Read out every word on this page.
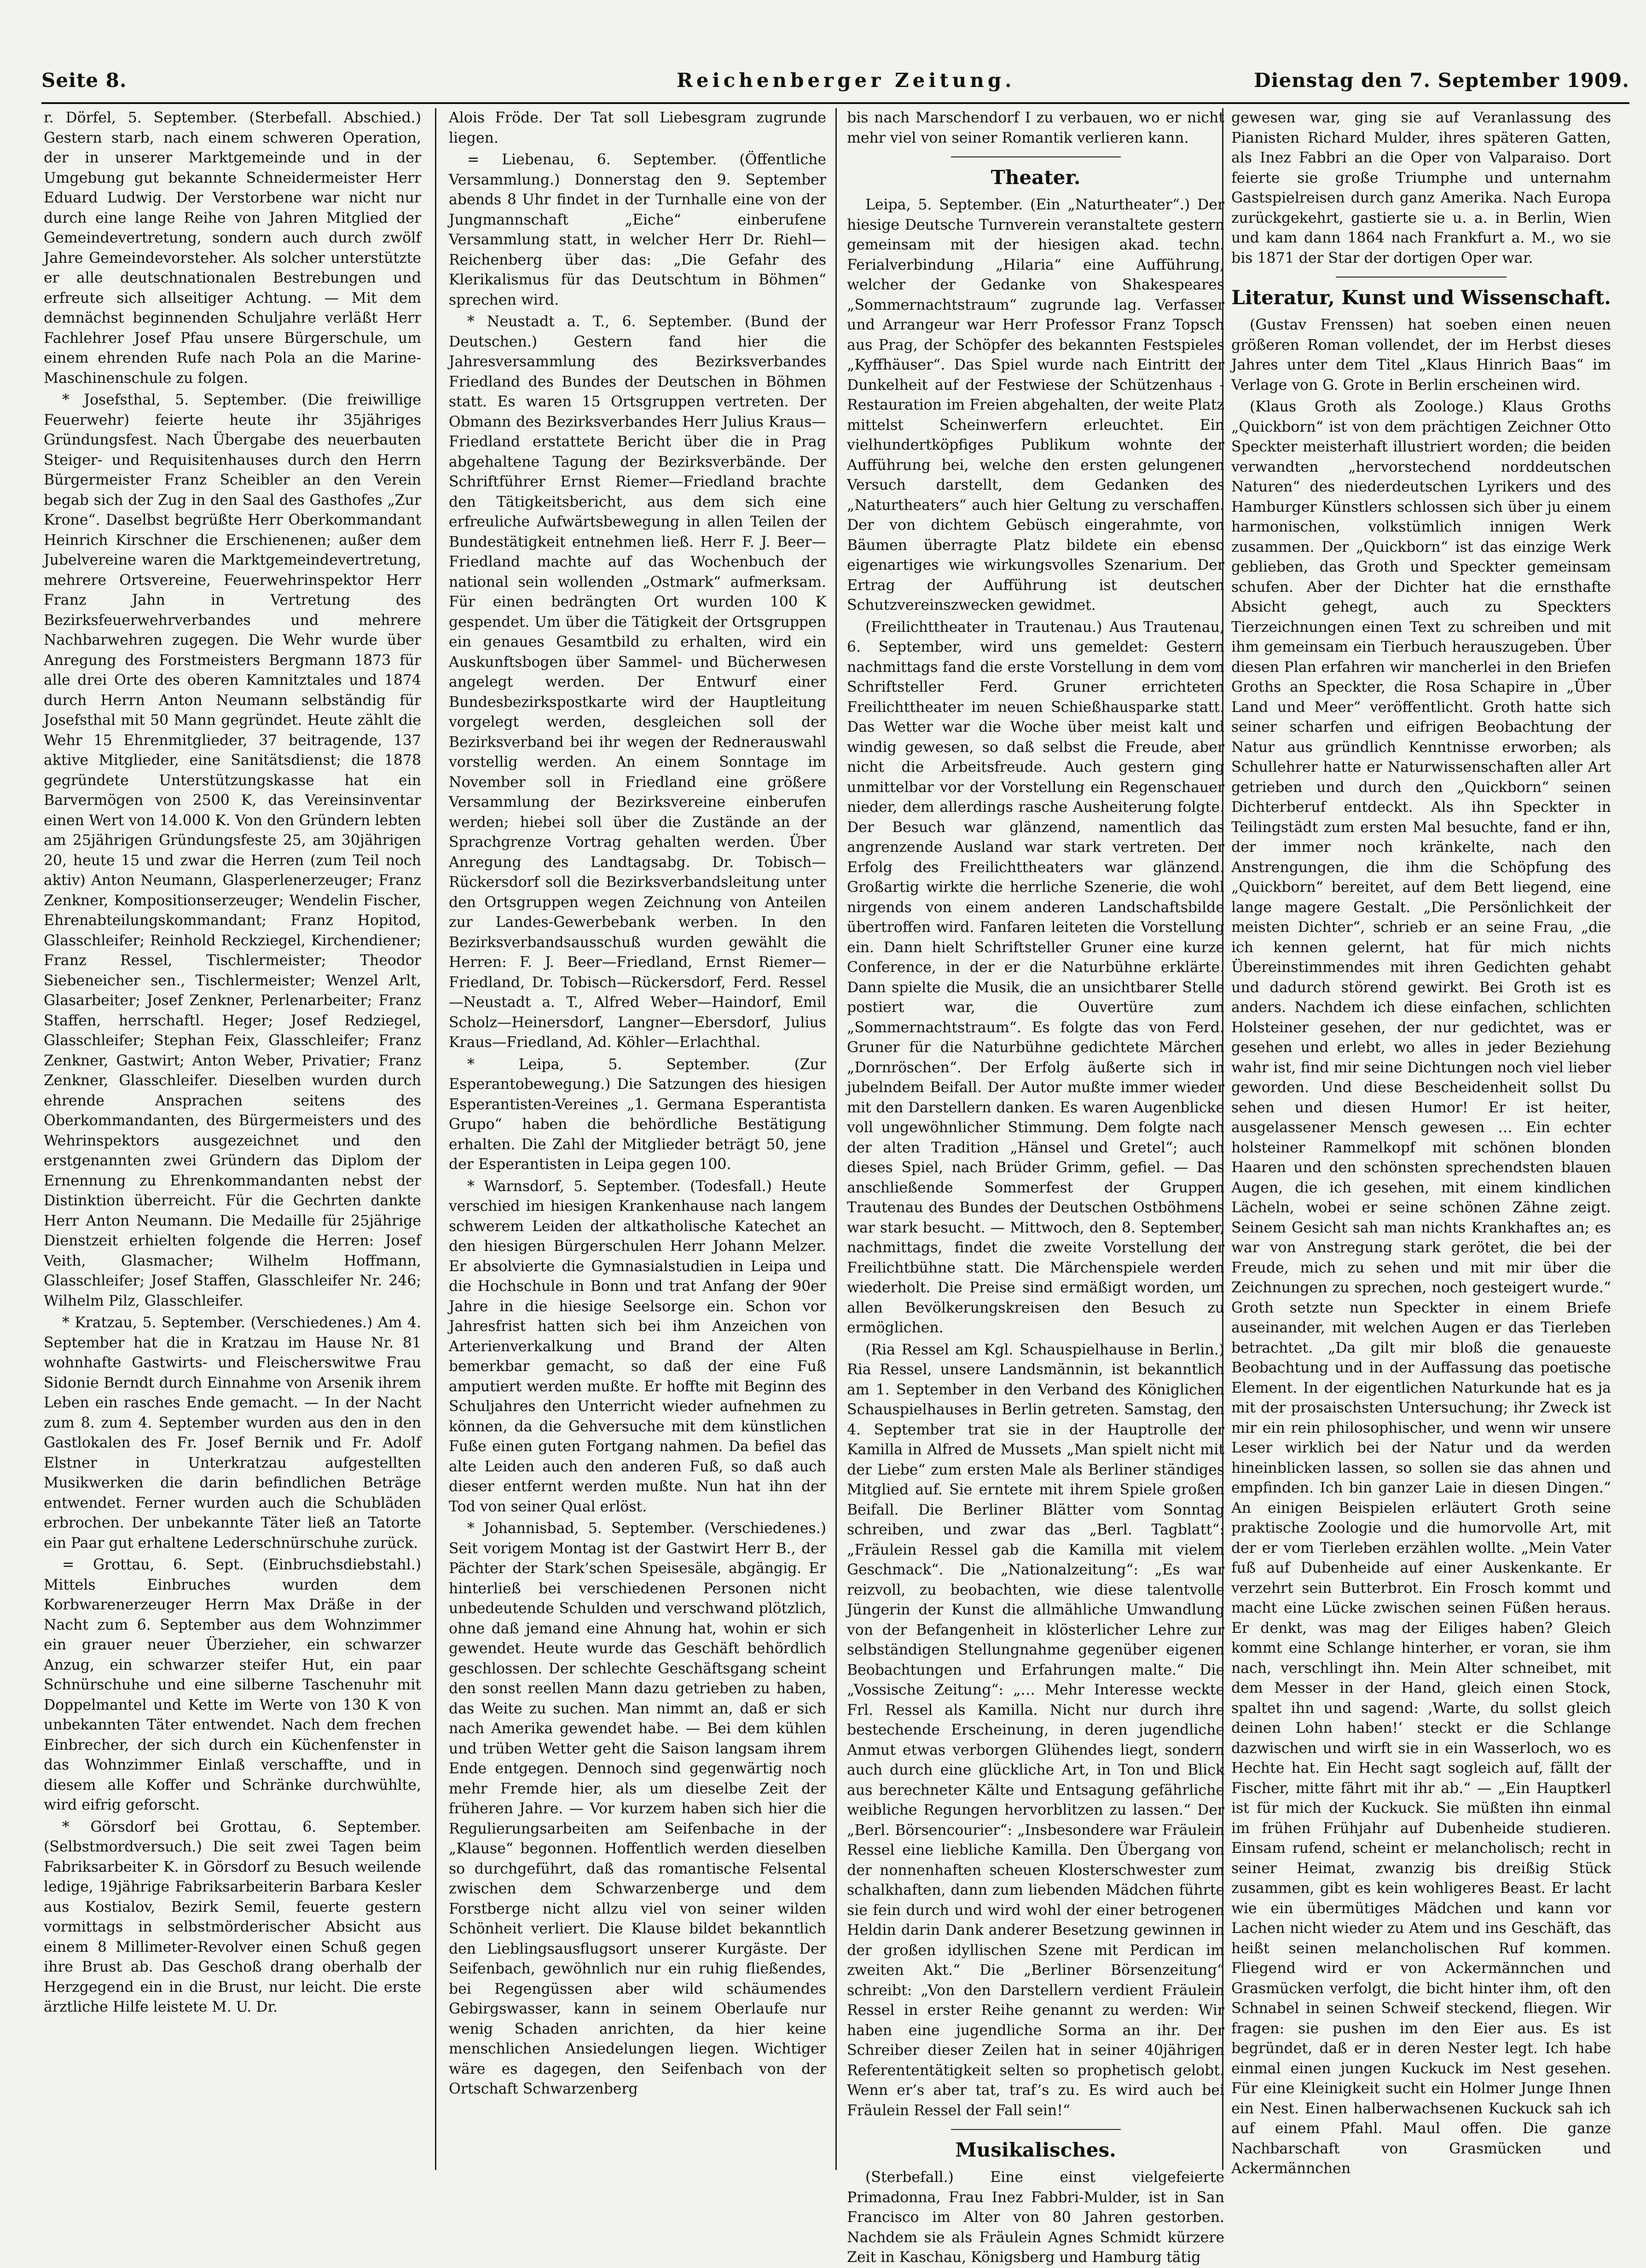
Seite 8.	Reichenberger Zeitung.	Dienstag den 7. September 1909.

r. Dörfel, 5. September. (Sterbefall. Abschied.) Gestern starb, nach einem schweren Operation, der in unserer Marktgemeinde und in der Umgebung gut bekannte Schneidermeister Herr Eduard Ludwig. Der Verstorbene war nicht nur durch eine lange Reihe von Jahren Mitglied der Gemeindevertretung, sondern auch durch zwölf Jahre Gemeindevorsteher. Als solcher unterstützte er alle deutschnationalen Bestrebungen und erfreute sich allseitiger Achtung. — Mit dem demnächst beginnenden Schuljahre verläßt Herr Fachlehrer Josef Pfau unsere Bürgerschule, um einem ehrenden Rufe nach Pola an die Marine-Maschinenschule zu folgen.

* Josefsthal, 5. September. (Die freiwillige Feuerwehr) feierte heute ihr 35jähriges Gründungsfest. Nach Übergabe des neuerbauten Steiger- und Requisitenhauses durch den Herrn Bürgermeister Franz Scheibler an den Verein begab sich der Zug in den Saal des Gasthofes „Zur Krone“. Daselbst begrüßte Herr Oberkommandant Heinrich Kirschner die Erschienenen; außer dem Jubelvereine waren die Marktgemeindevertretung, mehrere Ortsvereine, Feuerwehrinspektor Herr Franz Jahn in Vertretung des Bezirksfeuerwehrverbandes und mehrere Nachbarwehren zugegen. Die Wehr wurde über Anregung des Forstmeisters Bergmann 1873 für alle drei Orte des oberen Kamnitztales und 1874 durch Herrn Anton Neumann selbständig für Josefsthal mit 50 Mann gegründet. Heute zählt die Wehr 15 Ehrenmitglieder, 37 beitragende, 137 aktive Mitglieder, eine Sanitätsdienst; die 1878 gegründete Unterstützungskasse hat ein Barvermögen von 2500 K, das Vereinsinventar einen Wert von 14.000 K. Von den Gründern lebten am 25jährigen Gründungsfeste 25, am 30jährigen 20, heute 15 und zwar die Herren (zum Teil noch aktiv) Anton Neumann, Glasperlenerzeuger; Franz Zenkner, Kompositionserzeuger; Wendelin Fischer, Ehrenabteilungskommandant; Franz Hopitod, Glasschleifer; Reinhold Reckziegel, Kirchendiener; Franz Ressel, Tischlermeister; Theodor Siebeneicher sen., Tischlermeister; Wenzel Arlt, Glasarbeiter; Josef Zenkner, Perlenarbeiter; Franz Staffen, herrschaftl. Heger; Josef Redziegel, Glasschleifer; Stephan Feix, Glasschleifer; Franz Zenkner, Gastwirt; Anton Weber, Privatier; Franz Zenkner, Glasschleifer. Dieselben wurden durch ehrende Ansprachen seitens des Oberkommandanten, des Bürgermeisters und des Wehrinspektors ausgezeichnet und den erstgenannten zwei Gründern das Diplom der Ernennung zu Ehrenkommandanten nebst der Distinktion überreicht. Für die Gechrten dankte Herr Anton Neumann. Die Medaille für 25jährige Dienstzeit erhielten folgende die Herren: Josef Veith, Glasmacher; Wilhelm Hoffmann, Glasschleifer; Josef Staffen, Glasschleifer Nr. 246; Wilhelm Pilz, Glasschleifer.

* Kratzau, 5. September. (Verschiedenes.) Am 4. September hat die in Kratzau im Hause Nr. 81 wohnhafte Gastwirts- und Fleischerswitwe Frau Sidonie Berndt durch Einnahme von Arsenik ihrem Leben ein rasches Ende gemacht. — In der Nacht zum 8. zum 4. September wurden aus den in den Gastlokalen des Fr. Josef Bernik und Fr. Adolf Elstner in Unterkratzau aufgestellten Musikwerken die darin befindlichen Beträge entwendet. Ferner wurden auch die Schubläden erbrochen. Der unbekannte Täter ließ an Tatorte ein Paar gut erhaltene Lederschnürschuhe zurück.

= Grottau, 6. Sept. (Einbruchsdiebstahl.) Mittels Einbruches wurden dem Korbwarenerzeuger Herrn Max Dräße in der Nacht zum 6. September aus dem Wohnzimmer ein grauer neuer Überzieher, ein schwarzer Anzug, ein schwarzer steifer Hut, ein paar Schnürschuhe und eine silberne Taschenuhr mit Doppelmantel und Kette im Werte von 130 K von unbekannten Täter entwendet. Nach dem frechen Einbrecher, der sich durch ein Küchenfenster in das Wohnzimmer Einlaß verschaffte, und in diesem alle Koffer und Schränke durchwühlte, wird eifrig geforscht.

* Görsdorf bei Grottau, 6. September. (Selbstmordversuch.) Die seit zwei Tagen beim Fabriksarbeiter K. in Görsdorf zu Besuch weilende ledige, 19jährige Fabriksarbeiterin Barbara Kesler aus Kostialov, Bezirk Semil, feuerte gestern vormittags in selbstmörderischer Absicht aus einem 8 Millimeter-Revolver einen Schuß gegen ihre Brust ab. Das Geschoß drang oberhalb der Herzgegend ein in die Brust, nur leicht. Die erste ärztliche Hilfe leistete M. U. Dr.

Alois Fröde. Der Tat soll Liebesgram zugrunde liegen.

= Liebenau, 6. September. (Öffentliche Versammlung.) Donnerstag den 9. September abends 8 Uhr findet in der Turnhalle eine von der Jungmannschaft „Eiche“ einberufene Versammlung statt, in welcher Herr Dr. Riehl—Reichenberg über das: „Die Gefahr des Klerikalismus für das Deutschtum in Böhmen“ sprechen wird.

* Neustadt a. T., 6. September. (Bund der Deutschen.) Gestern fand hier die Jahresversammlung des Bezirksverbandes Friedland des Bundes der Deutschen in Böhmen statt. Es waren 15 Ortsgruppen vertreten. Der Obmann des Bezirksverbandes Herr Julius Kraus—Friedland erstattete Bericht über die in Prag abgehaltene Tagung der Bezirksverbände. Der Schriftführer Ernst Riemer—Friedland brachte den Tätigkeitsbericht, aus dem sich eine erfreuliche Aufwärtsbewegung in allen Teilen der Bundestätigkeit entnehmen ließ. Herr F. J. Beer—Friedland machte auf das Wochenbuch der national sein wollenden „Ostmark“ aufmerksam. Für einen bedrängten Ort wurden 100 K gespendet. Um über die Tätigkeit der Ortsgruppen ein genaues Gesamtbild zu erhalten, wird ein Auskunftsbogen über Sammel- und Bücherwesen angelegt werden. Der Entwurf einer Bundesbezirkspostkarte wird der Hauptleitung vorgelegt werden, desgleichen soll der Bezirksverband bei ihr wegen der Rednerauswahl vorstellig werden. An einem Sonntage im November soll in Friedland eine größere Versammlung der Bezirksvereine einberufen werden; hiebei soll über die Zustände an der Sprachgrenze Vortrag gehalten werden. Über Anregung des Landtagsabg. Dr. Tobisch—Rückersdorf soll die Bezirksverbandsleitung unter den Ortsgruppen wegen Zeichnung von Anteilen zur Landes-Gewerbebank werben. In den Bezirksverbandsausschuß wurden gewählt die Herren: F. J. Beer—Friedland, Ernst Riemer—Friedland, Dr. Tobisch—Rückersdorf, Ferd. Ressel—Neustadt a. T., Alfred Weber—Haindorf, Emil Scholz—Heinersdorf, Langner—Ebersdorf, Julius Kraus—Friedland, Ad. Köhler—Erlachthal.

* Leipa, 5. September. (Zur Esperantobewegung.) Die Satzungen des hiesigen Esperantisten-Vereines „1. Germana Esperantista Grupo“ haben die behördliche Bestätigung erhalten. Die Zahl der Mitglieder beträgt 50, jene der Esperantisten in Leipa gegen 100.

* Warnsdorf, 5. September. (Todesfall.) Heute verschied im hiesigen Krankenhause nach langem schwerem Leiden der altkatholische Katechet an den hiesigen Bürgerschulen Herr Johann Melzer. Er absolvierte die Gymnasialstudien in Leipa und die Hochschule in Bonn und trat Anfang der 90er Jahre in die hiesige Seelsorge ein. Schon vor Jahresfrist hatten sich bei ihm Anzeichen von Arterienverkalkung und Brand der Alten bemerkbar gemacht, so daß der eine Fuß amputiert werden mußte. Er hoffte mit Beginn des Schuljahres den Unterricht wieder aufnehmen zu können, da die Gehversuche mit dem künstlichen Fuße einen guten Fortgang nahmen. Da befiel das alte Leiden auch den anderen Fuß, so daß auch dieser entfernt werden mußte. Nun hat ihn der Tod von seiner Qual erlöst.

* Johannisbad, 5. September. (Verschiedenes.) Seit vorigem Montag ist der Gastwirt Herr B., der Pächter der Stark’schen Speisesäle, abgängig. Er hinterließ bei verschiedenen Personen nicht unbedeutende Schulden und verschwand plötzlich, ohne daß jemand eine Ahnung hat, wohin er sich gewendet. Heute wurde das Geschäft behördlich geschlossen. Der schlechte Geschäftsgang scheint den sonst reellen Mann dazu getrieben zu haben, das Weite zu suchen. Man nimmt an, daß er sich nach Amerika gewendet habe. — Bei dem kühlen und trüben Wetter geht die Saison langsam ihrem Ende entgegen. Dennoch sind gegenwärtig noch mehr Fremde hier, als um dieselbe Zeit der früheren Jahre. — Vor kurzem haben sich hier die Regulierungsarbeiten am Seifenbache in der „Klause“ begonnen. Hoffentlich werden dieselben so durchgeführt, daß das romantische Felsental zwischen dem Schwarzenberge und dem Forstberge nicht allzu viel von seiner wilden Schönheit verliert. Die Klause bildet bekanntlich den Lieblingsausflugsort unserer Kurgäste. Der Seifenbach, gewöhnlich nur ein ruhig fließendes, bei Regengüssen aber wild schäumendes Gebirgswasser, kann in seinem Oberlaufe nur wenig Schaden anrichten, da hier keine menschlichen Ansiedelungen liegen. Wichtiger wäre es dagegen, den Seifenbach von der Ortschaft Schwarzenberg

bis nach Marschendorf I zu verbauen, wo er nicht mehr viel von seiner Romantik verlieren kann.

Theater.

Leipa, 5. September. (Ein „Naturtheater“.) Der hiesige Deutsche Turnverein veranstaltete gestern gemeinsam mit der hiesigen akad. techn. Ferialverbindung „Hilaria“ eine Aufführung, welcher der Gedanke von Shakespeares „Sommernachtstraum“ zugrunde lag. Verfasser und Arrangeur war Herr Professor Franz Topsch aus Prag, der Schöpfer des bekannten Festspieles „Kyffhäuser“. Das Spiel wurde nach Eintritt der Dunkelheit auf der Festwiese der Schützenhaus - Restauration im Freien abgehalten, der weite Platz mittelst Scheinwerfern erleuchtet. Ein vielhundertköpfiges Publikum wohnte der Aufführung bei, welche den ersten gelungenen Versuch darstellt, dem Gedanken des „Naturtheaters“ auch hier Geltung zu verschaffen. Der von dichtem Gebüsch eingerahmte, von Bäumen überragte Platz bildete ein ebenso eigenartiges wie wirkungsvolles Szenarium. Der Ertrag der Aufführung ist deutschen Schutzvereinszwecken gewidmet.

(Freilichttheater in Trautenau.) Aus Trautenau, 6. September, wird uns gemeldet: Gestern nachmittags fand die erste Vorstellung in dem vom Schriftsteller Ferd. Gruner errichteten Freilichttheater im neuen Schießhausparke statt. Das Wetter war die Woche über meist kalt und windig gewesen, so daß selbst die Freude, aber nicht die Arbeitsfreude. Auch gestern ging unmittelbar vor der Vorstellung ein Regenschauer nieder, dem allerdings rasche Ausheiterung folgte. Der Besuch war glänzend, namentlich das angrenzende Ausland war stark vertreten. Der Erfolg des Freilichttheaters war glänzend. Großartig wirkte die herrliche Szenerie, die wohl nirgends von einem anderen Landschaftsbilde übertroffen wird. Fanfaren leiteten die Vorstellung ein. Dann hielt Schriftsteller Gruner eine kurze Conference, in der er die Naturbühne erklärte. Dann spielte die Musik, die an unsichtbarer Stelle postiert war, die Ouvertüre zum „Sommernachtstraum“. Es folgte das von Ferd. Gruner für die Naturbühne gedichtete Märchen „Dornröschen“. Der Erfolg äußerte sich in jubelndem Beifall. Der Autor mußte immer wieder mit den Darstellern danken. Es waren Augenblicke voll ungewöhnlicher Stimmung. Dem folgte nach der alten Tradition „Hänsel und Gretel“; auch dieses Spiel, nach Brüder Grimm, gefiel. — Das anschließende Sommerfest der Gruppen Trautenau des Bundes der Deutschen Ostböhmens war stark besucht. — Mittwoch, den 8. September, nachmittags, findet die zweite Vorstellung der Freilichtbühne statt. Die Märchenspiele werden wiederholt. Die Preise sind ermäßigt worden, um allen Bevölkerungskreisen den Besuch zu ermöglichen.

(Ria Ressel am Kgl. Schauspielhause in Berlin.) Ria Ressel, unsere Landsmännin, ist bekanntlich am 1. September in den Verband des Königlichen Schauspielhauses in Berlin getreten. Samstag, den 4. September trat sie in der Hauptrolle der Kamilla in Alfred de Mussets „Man spielt nicht mit der Liebe“ zum ersten Male als Berliner ständiges Mitglied auf. Sie erntete mit ihrem Spiele großen Beifall. Die Berliner Blätter vom Sonntag schreiben, und zwar das „Berl. Tagblatt“: „Fräulein Ressel gab die Kamilla mit vielem Geschmack“. Die „Nationalzeitung“: „Es war reizvoll, zu beobachten, wie diese talentvolle Jüngerin der Kunst die allmähliche Umwandlung von der Befangenheit in klösterlicher Lehre zur selbständigen Stellungnahme gegenüber eigenen Beobachtungen und Erfahrungen malte.“ Die „Vossische Zeitung“: „… Mehr Interesse weckte Frl. Ressel als Kamilla. Nicht nur durch ihre bestechende Erscheinung, in deren jugendliche Anmut etwas verborgen Glühendes liegt, sondern auch durch eine glückliche Art, in Ton und Blick aus berechneter Kälte und Entsagung gefährliche weibliche Regungen hervorblitzen zu lassen.“ Der „Berl. Börsencourier“: „Insbesondere war Fräulein Ressel eine liebliche Kamilla. Den Übergang von der nonnenhaften scheuen Klosterschwester zum schalkhaften, dann zum liebenden Mädchen führte sie fein durch und wird wohl der einer betrogenen Heldin darin Dank anderer Besetzung gewinnen in der großen idyllischen Szene mit Perdican im zweiten Akt.“ Die „Berliner Börsenzeitung“ schreibt: „Von den Darstellern verdient Fräulein Ressel in erster Reihe genannt zu werden: Wir haben eine jugendliche Sorma an ihr. Der Schreiber dieser Zeilen hat in seiner 40jährigen Referententätigkeit selten so prophetisch gelobt. Wenn er’s aber tat, traf’s zu. Es wird auch bei Fräulein Ressel der Fall sein!“

Musikalisches.

(Sterbefall.) Eine einst vielgefeierte Primadonna, Frau Inez Fabbri-Mulder, ist in San Francisco im Alter von 80 Jahren gestorben. Nachdem sie als Fräulein Agnes Schmidt kürzere Zeit in Kaschau, Königsberg und Hamburg tätig

gewesen war, ging sie auf Veranlassung des Pianisten Richard Mulder, ihres späteren Gatten, als Inez Fabbri an die Oper von Valparaiso. Dort feierte sie große Triumphe und unternahm Gastspielreisen durch ganz Amerika. Nach Europa zurückgekehrt, gastierte sie u. a. in Berlin, Wien und kam dann 1864 nach Frankfurt a. M., wo sie bis 1871 der Star der dortigen Oper war.

Literatur, Kunst und Wissenschaft.

(Gustav Frenssen) hat soeben einen neuen größeren Roman vollendet, der im Herbst dieses Jahres unter dem Titel „Klaus Hinrich Baas“ im Verlage von G. Grote in Berlin erscheinen wird.

(Klaus Groth als Zoologe.) Klaus Groths „Quickborn“ ist von dem prächtigen Zeichner Otto Speckter meisterhaft illustriert worden; die beiden verwandten „hervorstechend norddeutschen Naturen“ des niederdeutschen Lyrikers und des Hamburger Künstlers schlossen sich über ju einem harmonischen, volkstümlich innigen Werk zusammen. Der „Quickborn“ ist das einzige Werk geblieben, das Groth und Speckter gemeinsam schufen. Aber der Dichter hat die ernsthafte Absicht gehegt, auch zu Speckters Tierzeichnungen einen Text zu schreiben und mit ihm gemeinsam ein Tierbuch herauszugeben. Über diesen Plan erfahren wir mancherlei in den Briefen Groths an Speckter, die Rosa Schapire in „Über Land und Meer“ veröffentlicht. Groth hatte sich seiner scharfen und eifrigen Beobachtung der Natur aus gründlich Kenntnisse erworben; als Schullehrer hatte er Naturwissenschaften aller Art getrieben und durch den „Quickborn“ seinen Dichterberuf entdeckt. Als ihn Speckter in Teilingstädt zum ersten Mal besuchte, fand er ihn, der immer noch kränkelte, nach den Anstrengungen, die ihm die Schöpfung des „Quickborn“ bereitet, auf dem Bett liegend, eine lange magere Gestalt. „Die Persönlichkeit der meisten Dichter“, schrieb er an seine Frau, „die ich kennen gelernt, hat für mich nichts Übereinstimmendes mit ihren Gedichten gehabt und dadurch störend gewirkt. Bei Groth ist es anders. Nachdem ich diese einfachen, schlichten Holsteiner gesehen, der nur gedichtet, was er gesehen und erlebt, wo alles in jeder Beziehung wahr ist, find mir seine Dichtungen noch viel lieber geworden. Und diese Bescheidenheit sollst Du sehen und diesen Humor! Er ist heiter, ausgelassener Mensch gewesen … Ein echter holsteiner Rammelkopf mit schönen blonden Haaren und den schönsten sprechendsten blauen Augen, die ich gesehen, mit einem kindlichen Lächeln, wobei er seine schönen Zähne zeigt. Seinem Gesicht sah man nichts Krankhaftes an; es war von Anstregung stark gerötet, die bei der Freude, mich zu sehen und mit mir über die Zeichnungen zu sprechen, noch gesteigert wurde.“ Groth setzte nun Speckter in einem Briefe auseinander, mit welchen Augen er das Tierleben betrachtet. „Da gilt mir bloß die genaueste Beobachtung und in der Auffassung das poetische Element. In der eigentlichen Naturkunde hat es ja mit der prosaischsten Untersuchung; ihr Zweck ist mir ein rein philosophischer, und wenn wir unsere Leser wirklich bei der Natur und da werden hineinblicken lassen, so sollen sie das ahnen und empfinden. Ich bin ganzer Laie in diesen Dingen.“ An einigen Beispielen erläutert Groth seine praktische Zoologie und die humorvolle Art, mit der er vom Tierleben erzählen wollte. „Mein Vater fuß auf Dubenheide auf einer Auskenkante. Er verzehrt sein Butterbrot. Ein Frosch kommt und macht eine Lücke zwischen seinen Füßen heraus. Er denkt, was mag der Eiliges haben? Gleich kommt eine Schlange hinterher, er voran, sie ihm nach, verschlingt ihn. Mein Alter schneibet, mit dem Messer in der Hand, gleich einen Stock, spaltet ihn und sagend: ‚Warte, du sollst gleich deinen Lohn haben!‘ steckt er die Schlange dazwischen und wirft sie in ein Wasserloch, wo es Hechte hat. Ein Hecht sagt sogleich auf, fällt der Fischer, mitte fährt mit ihr ab.“ — „Ein Hauptkerl ist für mich der Kuckuck. Sie müßten ihn einmal im frühen Frühjahr auf Dubenheide studieren. Einsam rufend, scheint er melancholisch; recht in seiner Heimat, zwanzig bis dreißig Stück zusammen, gibt es kein wohligeres Beast. Er lacht wie ein übermütiges Mädchen und kann vor Lachen nicht wieder zu Atem und ins Geschäft, das heißt seinen melancholischen Ruf kommen. Fliegend wird er von Ackermännchen und Grasmücken verfolgt, die bicht hinter ihm, oft den Schnabel in seinen Schweif steckend, fliegen. Wir fragen: sie pushen im den Eier aus. Es ist begründet, daß er in deren Nester legt. Ich habe einmal einen jungen Kuckuck im Nest gesehen. Für eine Kleinigkeit sucht ein Holmer Junge Ihnen ein Nest. Einen halberwachsenen Kuckuck sah ich auf einem Pfahl. Maul offen. Die ganze Nachbarschaft von Grasmücken und Ackermännchen
